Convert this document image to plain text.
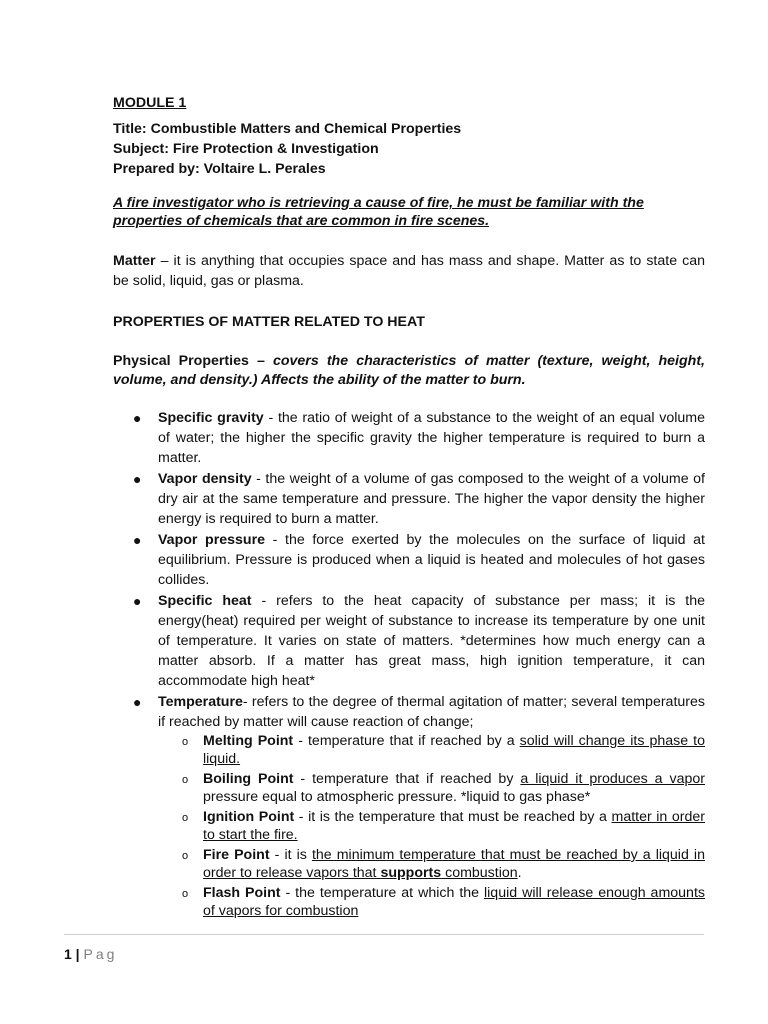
MODULE 1
Title: Combustible Matters and Chemical Properties
Subject: Fire Protection & Investigation
Prepared by: Voltaire L. Perales
A fire investigator who is retrieving a cause of fire, he must be familiar with the properties of chemicals that are common in fire scenes.
Matter – it is anything that occupies space and has mass and shape. Matter as to state can be solid, liquid, gas or plasma.
PROPERTIES OF MATTER RELATED TO HEAT
Physical Properties – covers the characteristics of matter (texture, weight, height, volume, and density.) Affects the ability of the matter to burn.
● Specific gravity - the ratio of weight of a substance to the weight of an equal volume of water; the higher the specific gravity the higher temperature is required to burn a matter.
● Vapor density - the weight of a volume of gas composed to the weight of a volume of dry air at the same temperature and pressure. The higher the vapor density the higher energy is required to burn a matter.
● Vapor pressure - the force exerted by the molecules on the surface of liquid at equilibrium. Pressure is produced when a liquid is heated and molecules of hot gases collides.
● Specific heat - refers to the heat capacity of substance per mass; it is the energy(heat) required per weight of substance to increase its temperature by one unit of temperature. It varies on state of matters. *determines how much energy can a matter absorb. If a matter has great mass, high ignition temperature, it can accommodate high heat*
● Temperature- refers to the degree of thermal agitation of matter; several temperatures if reached by matter will cause reaction of change;
o Melting Point - temperature that if reached by a solid will change its phase to liquid.
o Boiling Point - temperature that if reached by a liquid it produces a vapor pressure equal to atmospheric pressure. *liquid to gas phase*
o Ignition Point - it is the temperature that must be reached by a matter in order to start the fire.
o Fire Point - it is the minimum temperature that must be reached by a liquid in order to release vapors that supports combustion.
o Flash Point - the temperature at which the liquid will release enough amounts of vapors for combustion
1 | Pag
